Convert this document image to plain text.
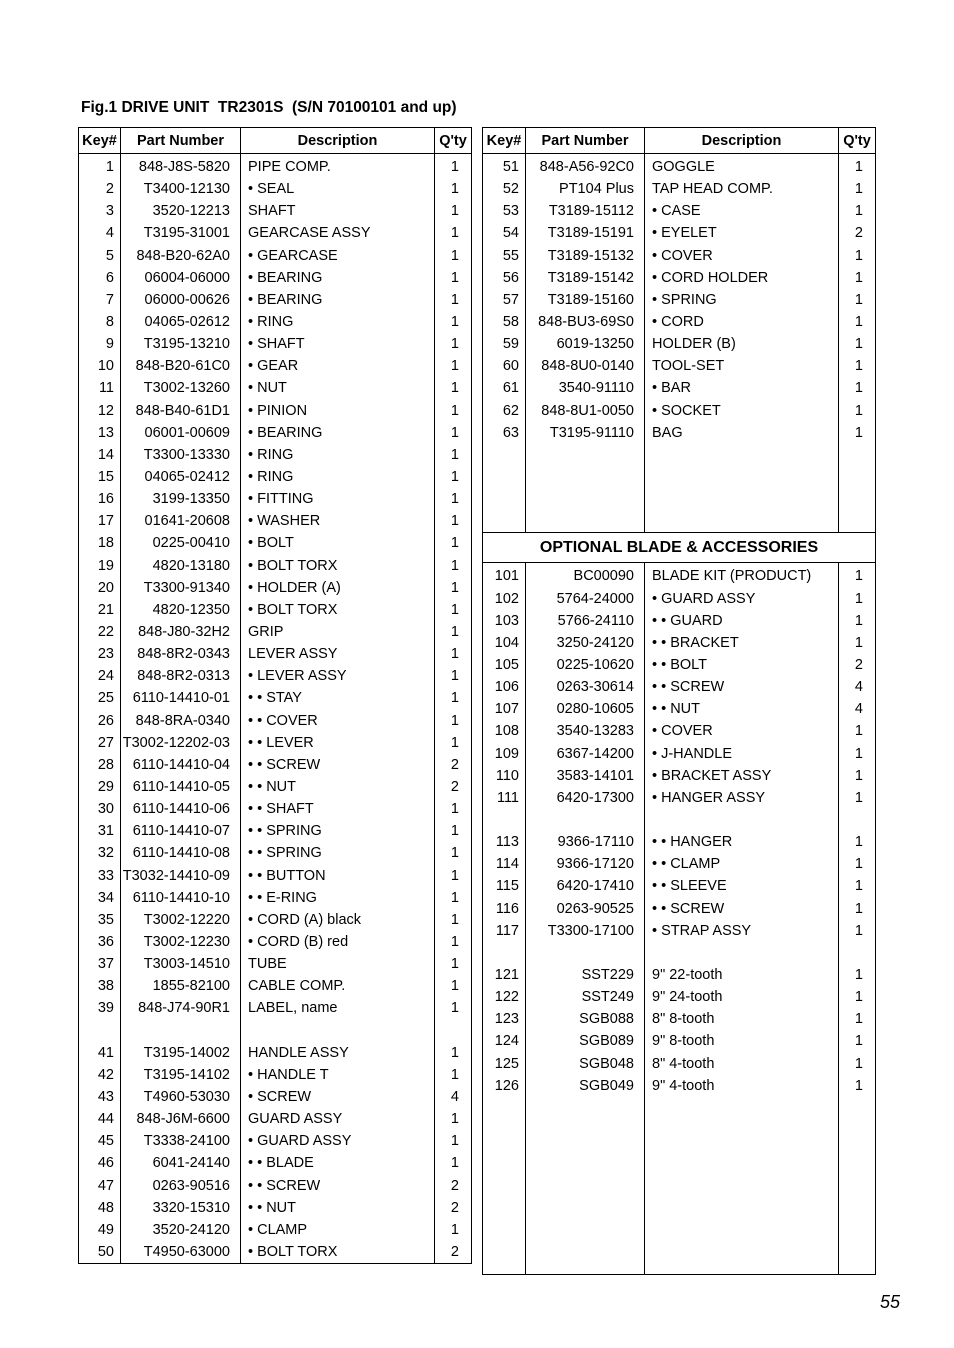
Fig.1 DRIVE UNIT  TR2301S  (S/N 70100101 and up)
Key#	Part Number	Description	Q'ty
1	848-J8S-5820	PIPE COMP.	1
2	T3400-12130	• SEAL	1
3	3520-12213	SHAFT	1
4	T3195-31001	GEARCASE ASSY	1
5	848-B20-62A0	• GEARCASE	1
6	06004-06000	• BEARING	1
7	06000-00626	• BEARING	1
8	04065-02612	• RING	1
9	T3195-13210	• SHAFT	1
10	848-B20-61C0	• GEAR	1
11	T3002-13260	• NUT	1
12	848-B40-61D1	• PINION	1
13	06001-00609	• BEARING	1
14	T3300-13330	• RING	1
15	04065-02412	• RING	1
16	3199-13350	• FITTING	1
17	01641-20608	• WASHER	1
18	0225-00410	• BOLT	1
19	4820-13180	• BOLT TORX	1
20	T3300-91340	• HOLDER (A)	1
21	4820-12350	• BOLT TORX	1
22	848-J80-32H2	GRIP	1
23	848-8R2-0343	LEVER ASSY	1
24	848-8R2-0313	• LEVER ASSY	1
25	6110-14410-01	• • STAY	1
26	848-8RA-0340	• • COVER	1
27	T3002-12202-03	• • LEVER	1
28	6110-14410-04	• • SCREW	2
29	6110-14410-05	• • NUT	2
30	6110-14410-06	• • SHAFT	1
31	6110-14410-07	• • SPRING	1
32	6110-14410-08	• • SPRING	1
33	T3032-14410-09	• • BUTTON	1
34	6110-14410-10	• • E-RING	1
35	T3002-12220	• CORD (A) black	1
36	T3002-12230	• CORD (B) red	1
37	T3003-14510	TUBE	1
38	1855-82100	CABLE COMP.	1
39	848-J74-90R1	LABEL, name	1

41	T3195-14002	HANDLE ASSY	1
42	T3195-14102	• HANDLE T	1
43	T4960-53030	• SCREW	4
44	848-J6M-6600	GUARD ASSY	1
45	T3338-24100	• GUARD ASSY	1
46	6041-24140	• • BLADE	1
47	0263-90516	• • SCREW	2
48	3320-15310	• • NUT	2
49	3520-24120	• CLAMP	1
50	T4950-63000	• BOLT TORX	2
Key#	Part Number	Description	Q'ty
51	848-A56-92C0	GOGGLE	1
52	PT104 Plus	TAP HEAD COMP.	1
53	T3189-15112	• CASE	1
54	T3189-15191	• EYELET	2
55	T3189-15132	• COVER	1
56	T3189-15142	• CORD HOLDER	1
57	T3189-15160	• SPRING	1
58	848-BU3-69S0	• CORD	1
59	6019-13250	HOLDER (B)	1
60	848-8U0-0140	TOOL-SET	1
61	3540-91110	• BAR	1
62	848-8U1-0050	• SOCKET	1
63	T3195-91110	BAG	1

OPTIONAL BLADE & ACCESSORIES			
101	BC00090	BLADE KIT (PRODUCT)	1
102	5764-24000	• GUARD ASSY	1
103	5766-24110	• • GUARD	1
104	3250-24120	• • BRACKET	1
105	0225-10620	• • BOLT	2
106	0263-30614	• • SCREW	4
107	0280-10605	• • NUT	4
108	3540-13283	• COVER	1
109	6367-14200	• J-HANDLE	1
110	3583-14101	• BRACKET ASSY	1
111	6420-17300	• HANGER ASSY	1

113	9366-17110	• • HANGER	1
114	9366-17120	• • CLAMP	1
115	6420-17410	• • SLEEVE	1
116	0263-90525	• • SCREW	1
117	T3300-17100	• STRAP ASSY	1

121	SST229	9" 22-tooth	1
122	SST249	9" 24-tooth	1
123	SGB088	8" 8-tooth	1
124	SGB089	9" 8-tooth	1
125	SGB048	8" 4-tooth	1
126	SGB049	9" 4-tooth	1

55
